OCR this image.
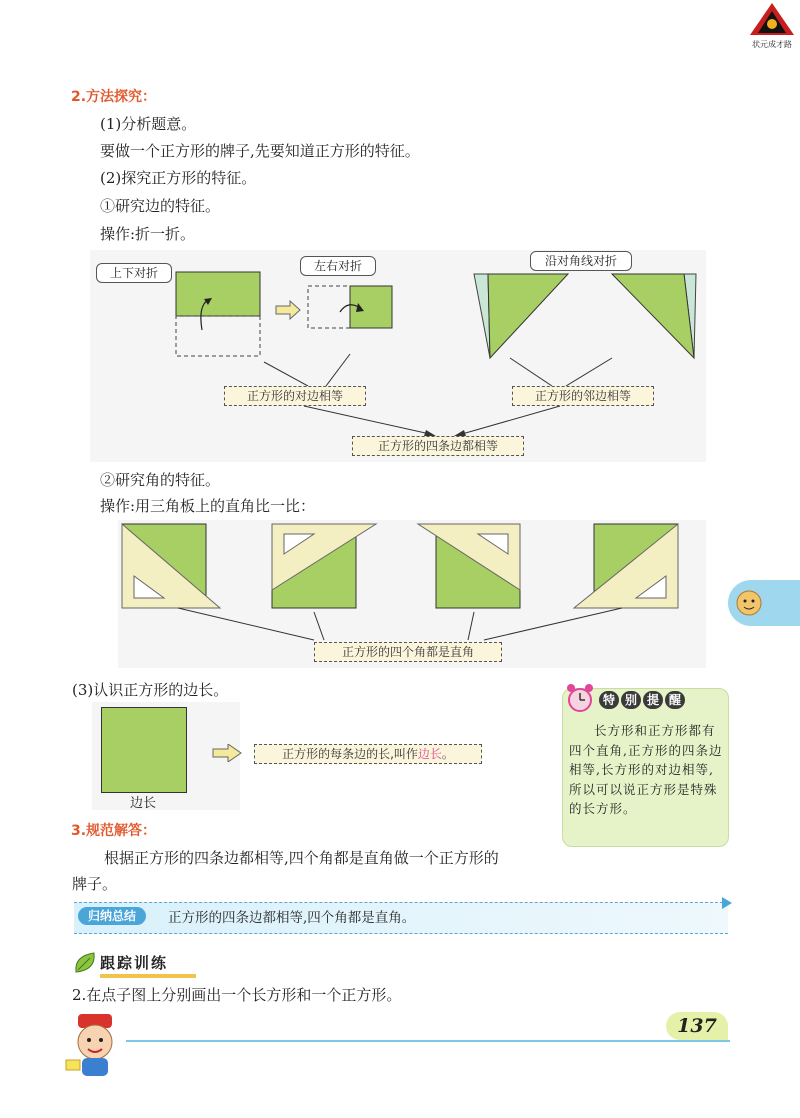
状元成才路
2.方法探究：
(1)分析题意。
要做一个正方形的牌子,先要知道正方形的特征。
(2)探究正方形的特征。
①研究边的特征。
操作:折一折。
上下对折	左右对折	沿对角线对折
正方形的对边相等	正方形的邻边相等
正方形的四条边都相等
②研究角的特征。
操作:用三角板上的直角比一比：
正方形的四个角都是直角
(3)认识正方形的边长。
边长
正方形的每条边的长,叫作边长。
特 别 提 醒
长方形和正方形都有四个直角,正方形的四条边相等,长方形的对边相等,所以可以说正方形是特殊的长方形。
3.规范解答：
根据正方形的四条边都相等,四个角都是直角做一个正方形的
牌子。
归纳总结	正方形的四条边都相等,四个角都是直角。
跟踪训练
2.在点子图上分别画出一个长方形和一个正方形。
137
